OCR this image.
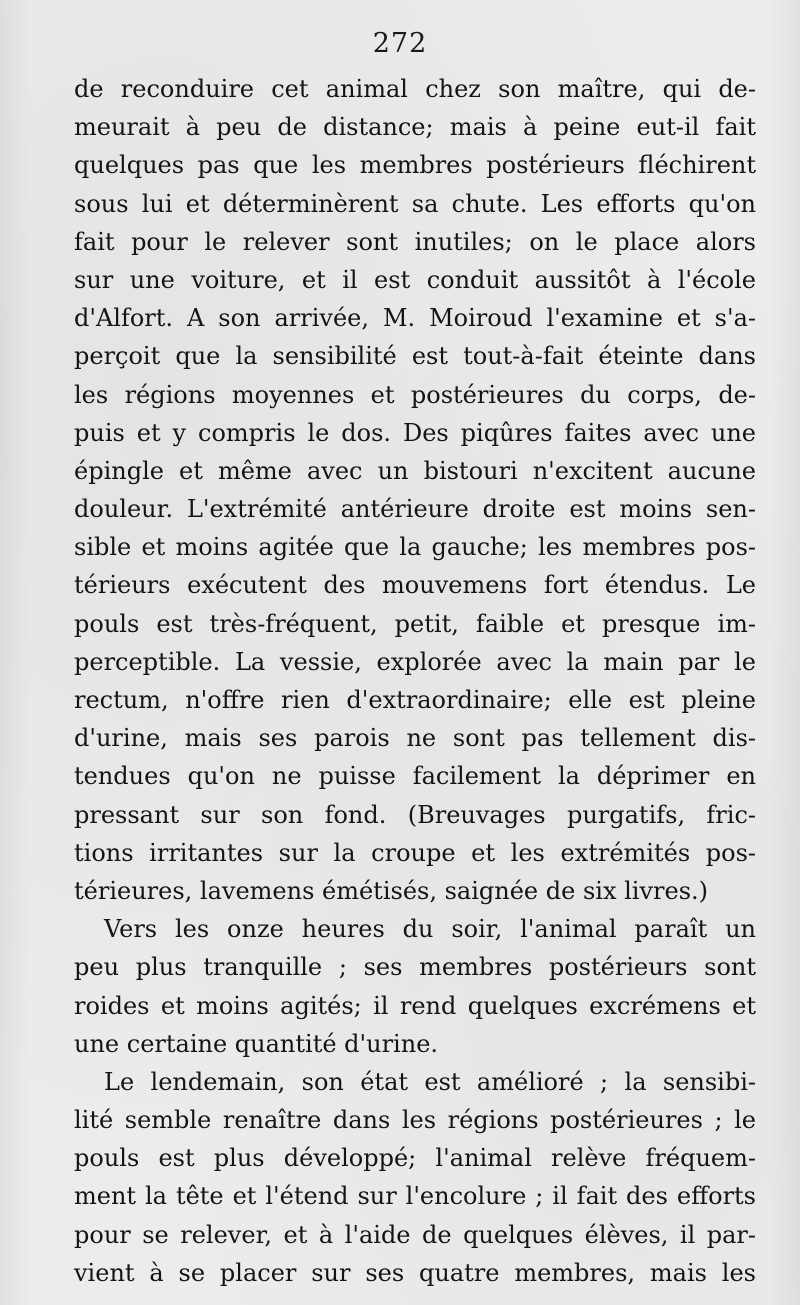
272
de reconduire cet animal chez son maître, qui de-
meurait à peu de distance; mais à peine eut-il fait
quelques pas que les membres postérieurs fléchirent
sous lui et déterminèrent sa chute. Les efforts qu'on
fait pour le relever sont inutiles; on le place alors
sur une voiture, et il est conduit aussitôt à l'école
d'Alfort. A son arrivée, M. Moiroud l'examine et s'a-
perçoit que la sensibilité est tout-à-fait éteinte dans
les régions moyennes et postérieures du corps, de-
puis et y compris le dos. Des piqûres faites avec une
épingle et même avec un bistouri n'excitent aucune
douleur. L'extrémité antérieure droite est moins sen-
sible et moins agitée que la gauche; les membres pos-
térieurs exécutent des mouvemens fort étendus. Le
pouls est très-fréquent, petit, faible et presque im-
perceptible. La vessie, explorée avec la main par le
rectum, n'offre rien d'extraordinaire; elle est pleine
d'urine, mais ses parois ne sont pas tellement dis-
tendues qu'on ne puisse facilement la déprimer en
pressant sur son fond. (Breuvages purgatifs, fric-
tions irritantes sur la croupe et les extrémités pos-
térieures, lavemens émétisés, saignée de six livres.)
Vers les onze heures du soir, l'animal paraît un
peu plus tranquille ; ses membres postérieurs sont
roides et moins agités; il rend quelques excrémens et
une certaine quantité d'urine.
Le lendemain, son état est amélioré ; la sensibi-
lité semble renaître dans les régions postérieures ; le
pouls est plus développé; l'animal relève fréquem-
ment la tête et l'étend sur l'encolure ; il fait des efforts
pour se relever, et à l'aide de quelques élèves, il par-
vient à se placer sur ses quatre membres, mais les
